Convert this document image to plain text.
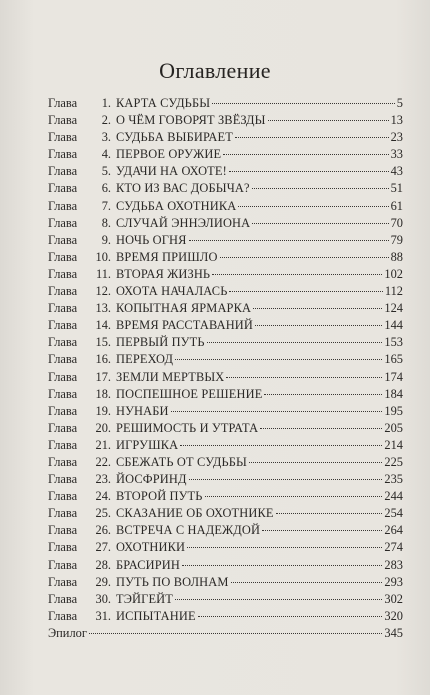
Оглавление
Глава	1. КАРТА СУДЬБЫ	5
Глава	2. О ЧЁМ ГОВОРЯТ ЗВЁЗДЫ	13
Глава	3. СУДЬБА ВЫБИРАЕТ	23
Глава	4. ПЕРВОЕ ОРУЖИЕ	33
Глава	5. УДАЧИ НА ОХОТЕ!	43
Глава	6. КТО ИЗ ВАС ДОБЫЧА?	51
Глава	7. СУДЬБА ОХОТНИКА	61
Глава	8. СЛУЧАЙ ЭННЭЛИОНА	70
Глава	9. НОЧЬ ОГНЯ	79
Глава	10. ВРЕМЯ ПРИШЛО	88
Глава	11. ВТОРАЯ ЖИЗНЬ	102
Глава	12. ОХОТА НАЧАЛАСЬ	112
Глава	13. КОПЫТНАЯ ЯРМАРКА	124
Глава	14. ВРЕМЯ РАССТАВАНИЙ	144
Глава	15. ПЕРВЫЙ ПУТЬ	153
Глава	16. ПЕРЕХОД	165
Глава	17. ЗЕМЛИ МЕРТВЫХ	174
Глава	18. ПОСПЕШНОЕ РЕШЕНИЕ	184
Глава	19. НУНАБИ	195
Глава	20. РЕШИМОСТЬ И УТРАТА	205
Глава	21. ИГРУШКА	214
Глава	22. СБЕЖАТЬ ОТ СУДЬБЫ	225
Глава	23. ЙОСФРИНД	235
Глава	24. ВТОРОЙ ПУТЬ	244
Глава	25. СКАЗАНИЕ ОБ ОХОТНИКЕ	254
Глава	26. ВСТРЕЧА С НАДЕЖДОЙ	264
Глава	27. ОХОТНИКИ	274
Глава	28. БРАСИРИН	283
Глава	29. ПУТЬ ПО ВОЛНАМ	293
Глава	30. ТЭЙГЕЙТ	302
Глава	31. ИСПЫТАНИЕ	320
Эпилог	345
